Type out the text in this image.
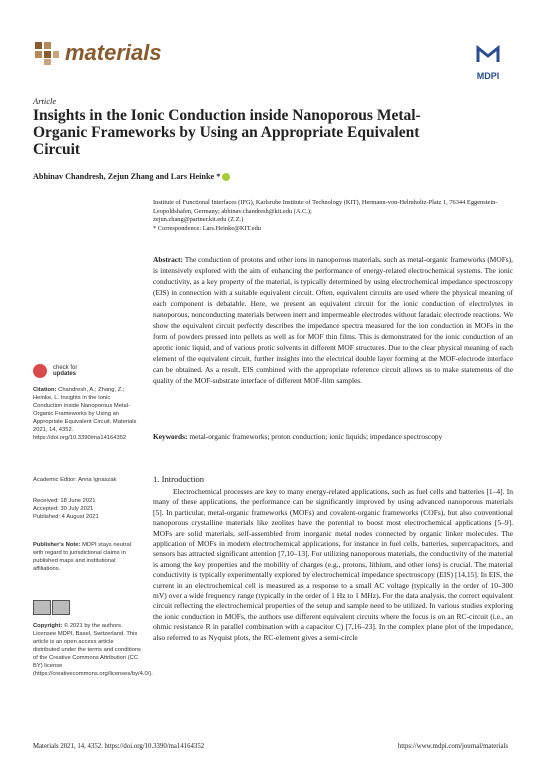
materials
MDPI
Article
Insights in the Ionic Conduction inside Nanoporous Metal-Organic Frameworks by Using an Appropriate Equivalent Circuit
Abhinav Chandresh, Zejun Zhang and Lars Heinke *
Institute of Functional Interfaces (IFG), Karlsruhe Institute of Technology (KIT), Hermann-von-Helmholtz-Platz 1, 76344 Eggenstein-Leopoldshafen, Germany; abhinav.chandresh@kit.edu (A.C.);
zejun.zhang@partner.kit.edu (Z.Z.)
* Correspondence: Lars.Heinke@KIT.edu
Abstract: The conduction of protons and other ions in nanoporous materials, such as metal-organic frameworks (MOFs), is intensively explored with the aim of enhancing the performance of energy-related electrochemical systems. The ionic conductivity, as a key property of the material, is typically determined by using electrochemical impedance spectroscopy (EIS) in connection with a suitable equivalent circuit. Often, equivalent circuits are used where the physical meaning of each component is debatable. Here, we present an equivalent circuit for the ionic conduction of electrolytes in nanoporous, nonconducting materials between inert and impermeable electrodes without faradaic electrode reactions. We show the equivalent circuit perfectly describes the impedance spectra measured for the ion conduction in MOFs in the form of powders pressed into pellets as well as for MOF thin films. This is demonstrated for the ionic conduction of an aprotic ionic liquid, and of various protic solvents in different MOF structures. Due to the clear physical meaning of each element of the equivalent circuit, further insights into the electrical double layer forming at the MOF-electrode interface can be obtained. As a result, EIS combined with the appropriate reference circuit allows us to make statements of the quality of the MOF-substrate interface of different MOF-film samples.
Keywords: metal-organic frameworks; proton conduction; ionic liquids; impedance spectroscopy
check for
updates
Citation: Chandresh, A.; Zhang, Z.; Heinke, L. Insights in the Ionic Conduction inside Nanoporous Metal-Organic Frameworks by Using an Appropriate Equivalent Circuit. Materials 2021, 14, 4352. https://doi.org/10.3390/ma14164352
Academic Editor: Anna Ignaszak
Received: 18 June 2021
Accepted: 30 July 2021
Published: 4 August 2021
Publisher's Note: MDPI stays neutral with regard to jurisdictional claims in published maps and institutional affiliations.
Copyright: © 2021 by the authors. Licensee MDPI, Basel, Switzerland. This article is an open access article distributed under the terms and conditions of the Creative Commons Attribution (CC BY) license (https://creativecommons.org/licenses/by/4.0/).
1. Introduction

Electrochemical processes are key to many energy-related applications, such as fuel cells and batteries [1–4]. In many of these applications, the performance can be significantly improved by using advanced nanoporous materials [5]. In particular, metal-organic frameworks (MOFs) and covalent-organic frameworks (COFs), but also conventional nanoporous crystalline materials like zeolites have the potential to boost most electrochemical applications [5–9]. MOFs are solid materials, self-assembled from inorganic metal nodes connected by organic linker molecules. The application of MOFs in modern electrochemical applications, for instance in fuel cells, batteries, supercapacitors, and sensors has attracted significant attention [7,10–13]. For utilizing nanoporous materials, the conductivity of the material is among the key properties and the mobility of charges (e.g., protons, lithium, and other ions) is crucial. The material conductivity is typically experimentally explored by electrochemical impedance spectroscopy (EIS) [14,15]. In EIS, the current in an electrochemical cell is measured as a response to a small AC voltage (typically in the order of 10–300 mV) over a wide frequency range (typically in the order of 1 Hz to 1 MHz). For the data analysis, the correct equivalent circuit reflecting the electrochemical properties of the setup and sample need to be utilized. In various studies exploring the ionic conduction in MOFs, the authors use different equivalent circuits where the focus is on an RC-circuit (i.e., an ohmic resistance R in parallel combination with a capacitor C) [7,16–23]. In the complex plane plot of the impedance, also referred to as Nyquist plots, the RC-element gives a semi-circle

Materials 2021, 14, 4352. https://doi.org/10.3390/ma14164352	https://www.mdpi.com/journal/materials
